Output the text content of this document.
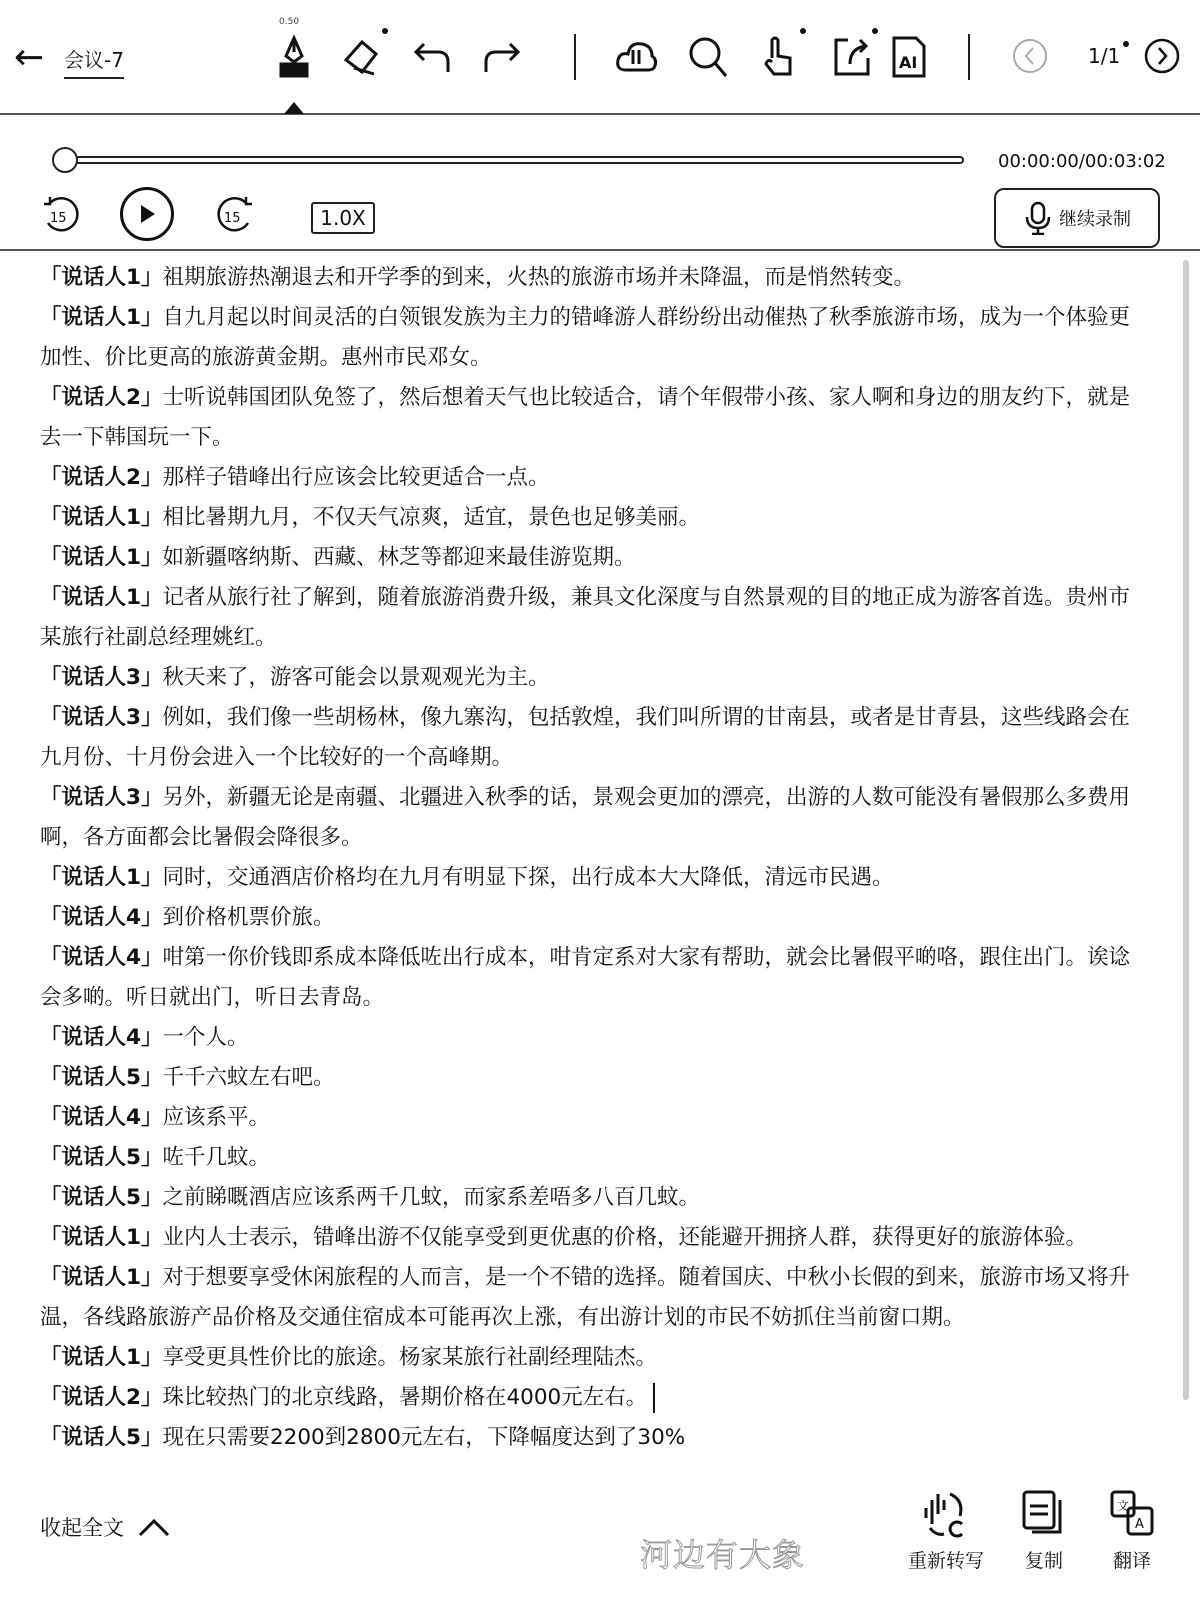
← 会议-7
0.50
AI	1/1
00:00:00/00:03:02
15	15	1.0X	继续录制

「说话人1」祖期旅游热潮退去和开学季的到来，火热的旅游市场并未降温，而是悄然转变。

「说话人1」自九月起以时间灵活的白领银发族为主力的错峰游人群纷纷出动催热了秋季旅游市场，成为一个体验更加性、价比更高的旅游黄金期。惠州市民邓女。

「说话人2」士听说韩国团队免签了，然后想着天气也比较适合，请个年假带小孩、家人啊和身边的朋友约下，就是去一下韩国玩一下。

「说话人2」那样子错峰出行应该会比较更适合一点。

「说话人1」相比暑期九月，不仅天气凉爽，适宜，景色也足够美丽。

「说话人1」如新疆喀纳斯、西藏、林芝等都迎来最佳游览期。

「说话人1」记者从旅行社了解到，随着旅游消费升级，兼具文化深度与自然景观的目的地正成为游客首选。贵州市某旅行社副总经理姚红。

「说话人3」秋天来了，游客可能会以景观观光为主。

「说话人3」例如，我们像一些胡杨林，像九寨沟，包括敦煌，我们叫所谓的甘南县，或者是甘青县，这些线路会在九月份、十月份会进入一个比较好的一个高峰期。

「说话人3」另外，新疆无论是南疆、北疆进入秋季的话，景观会更加的漂亮，出游的人数可能没有暑假那么多费用啊，各方面都会比暑假会降很多。

「说话人1」同时，交通酒店价格均在九月有明显下探，出行成本大大降低，清远市民遇。

「说话人4」到价格机票价旅。

「说话人4」咁第一你价钱即系成本降低咗出行成本，咁肯定系对大家有帮助，就会比暑假平啲咯，跟住出门。诶谂会多啲。听日就出门，听日去青岛。

「说话人4」一个人。

「说话人5」千千六蚊左右吧。

「说话人4」应该系平。

「说话人5」咗千几蚊。

「说话人5」之前睇嘅酒店应该系两千几蚊，而家系差唔多八百几蚊。

「说话人1」业内人士表示，错峰出游不仅能享受到更优惠的价格，还能避开拥挤人群，获得更好的旅游体验。

「说话人1」对于想要享受休闲旅程的人而言，是一个不错的选择。随着国庆、中秋小长假的到来，旅游市场又将升温，各线路旅游产品价格及交通住宿成本可能再次上涨，有出游计划的市民不妨抓住当前窗口期。

「说话人1」享受更具性价比的旅途。杨家某旅行社副经理陆杰。

「说话人2」珠比较热门的北京线路，暑期价格在4000元左右。

「说话人5」现在只需要2200到2800元左右，下降幅度达到了30%

收起全文
重新转写 复制
文
A
翻译
河边有大象
